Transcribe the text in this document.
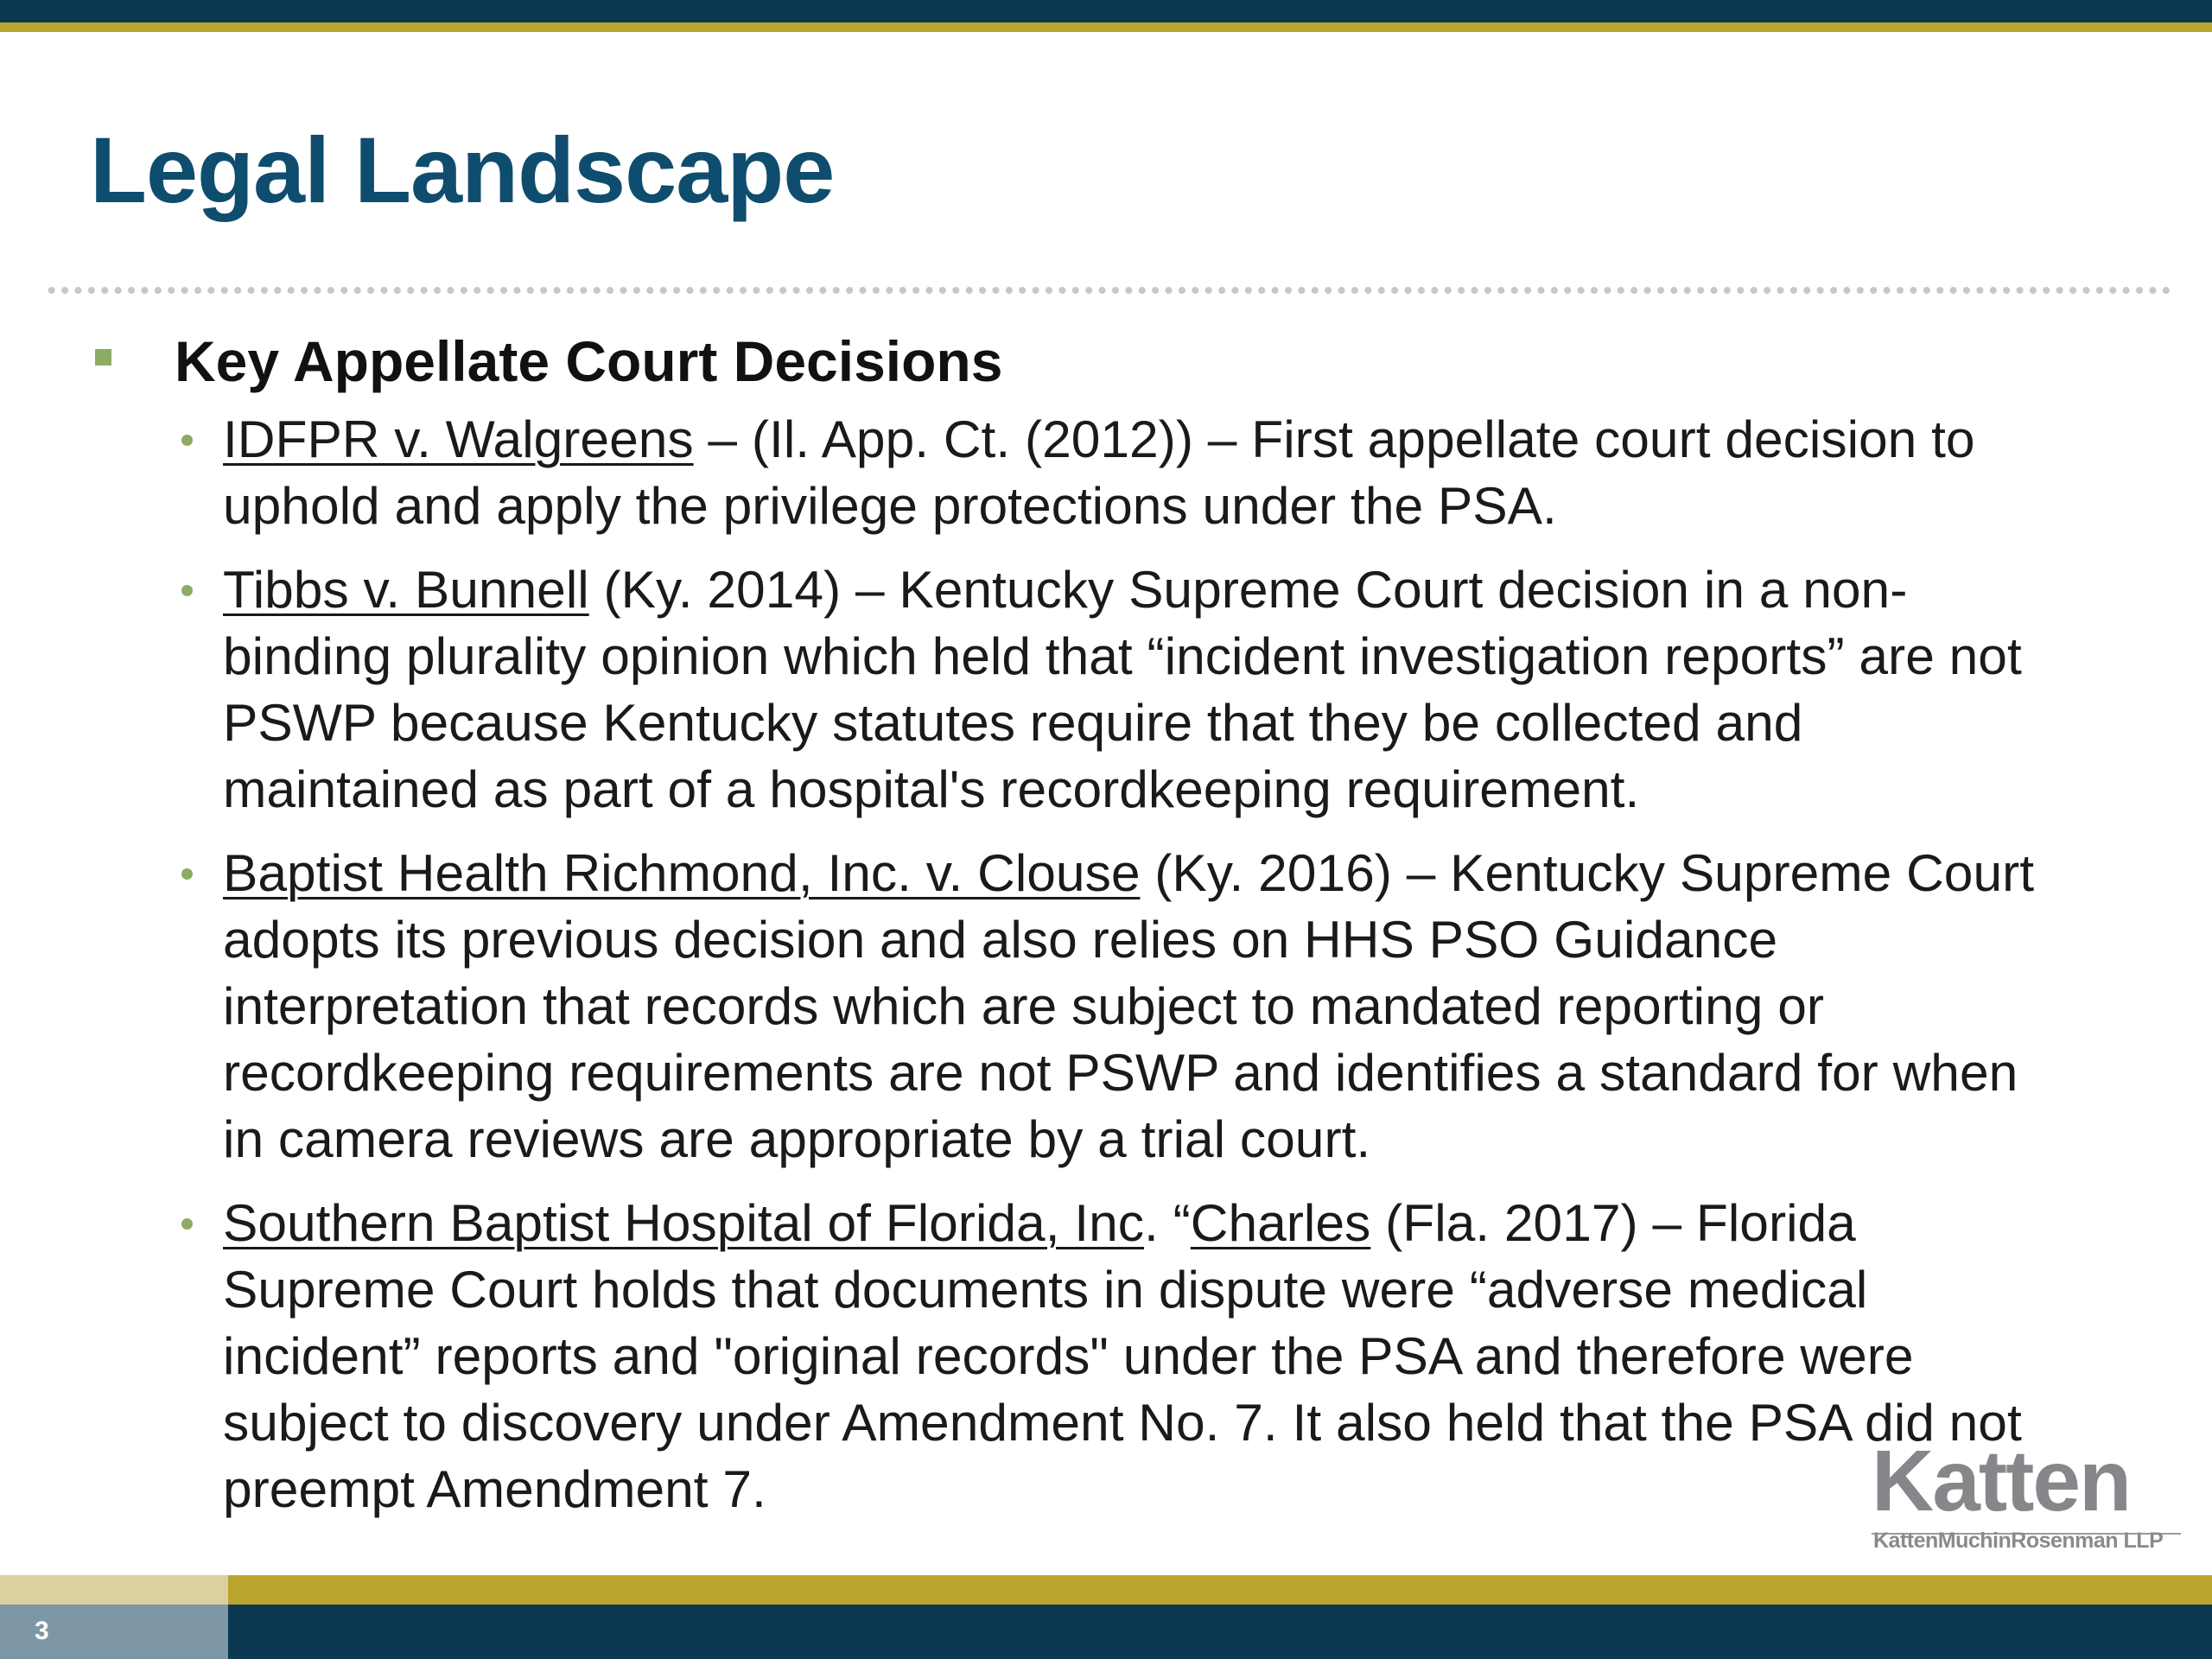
Legal Landscape
Key Appellate Court Decisions

IDFPR v. Walgreens – (Il. App. Ct. (2012)) – First appellate court decision to uphold and apply the privilege protections under the PSA.

Tibbs v. Bunnell (Ky. 2014) – Kentucky Supreme Court decision in a non-binding plurality opinion which held that “incident investigation reports” are not PSWP because Kentucky statutes require that they be collected and maintained as part of a hospital's recordkeeping requirement.

Baptist Health Richmond, Inc. v. Clouse (Ky. 2016) – Kentucky Supreme Court adopts its previous decision and also relies on HHS PSO Guidance interpretation that records which are subject to mandated reporting or recordkeeping requirements are not PSWP and identifies a standard for when in camera reviews are appropriate by a trial court.

Southern Baptist Hospital of Florida, Inc. “Charles (Fla. 2017) – Florida Supreme Court holds that documents in dispute were “adverse medical incident” reports and "original records" under the PSA and therefore were subject to discovery under Amendment No. 7. It also held that the PSA did not preempt Amendment 7.	Katten
KattenMuchinRosenman LLP
3
